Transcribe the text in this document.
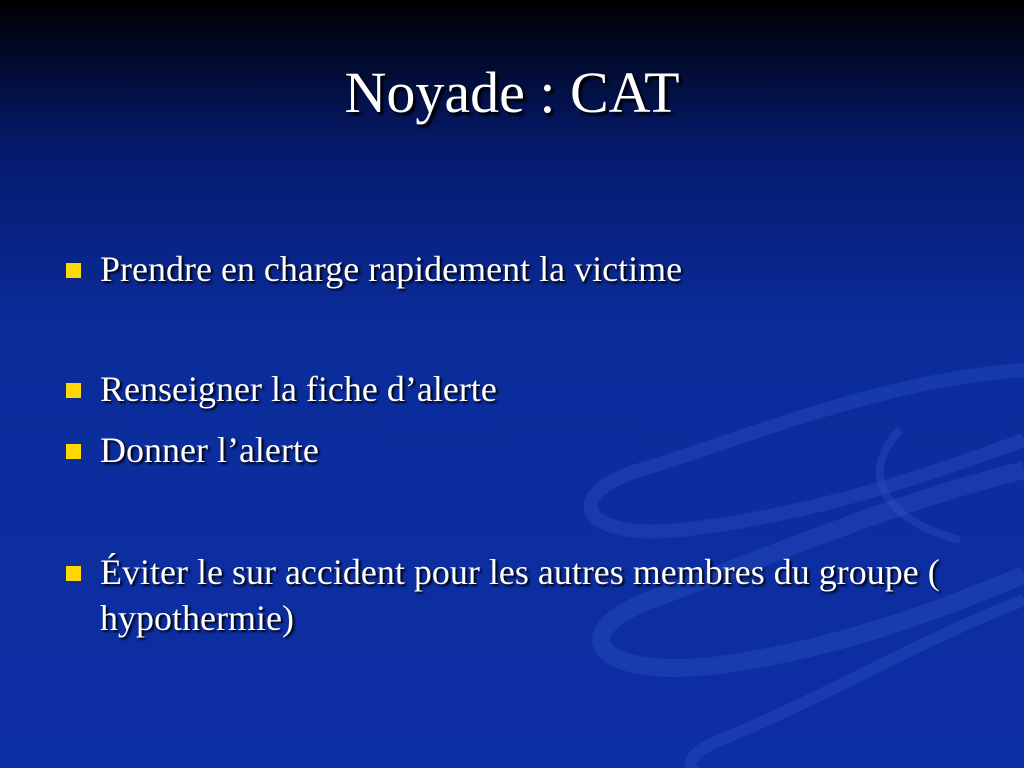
Noyade : CAT
Prendre en charge rapidement la victime
Renseigner la fiche d’alerte
Donner l’alerte
Éviter le sur accident pour les autres membres du groupe ( hypothermie)
